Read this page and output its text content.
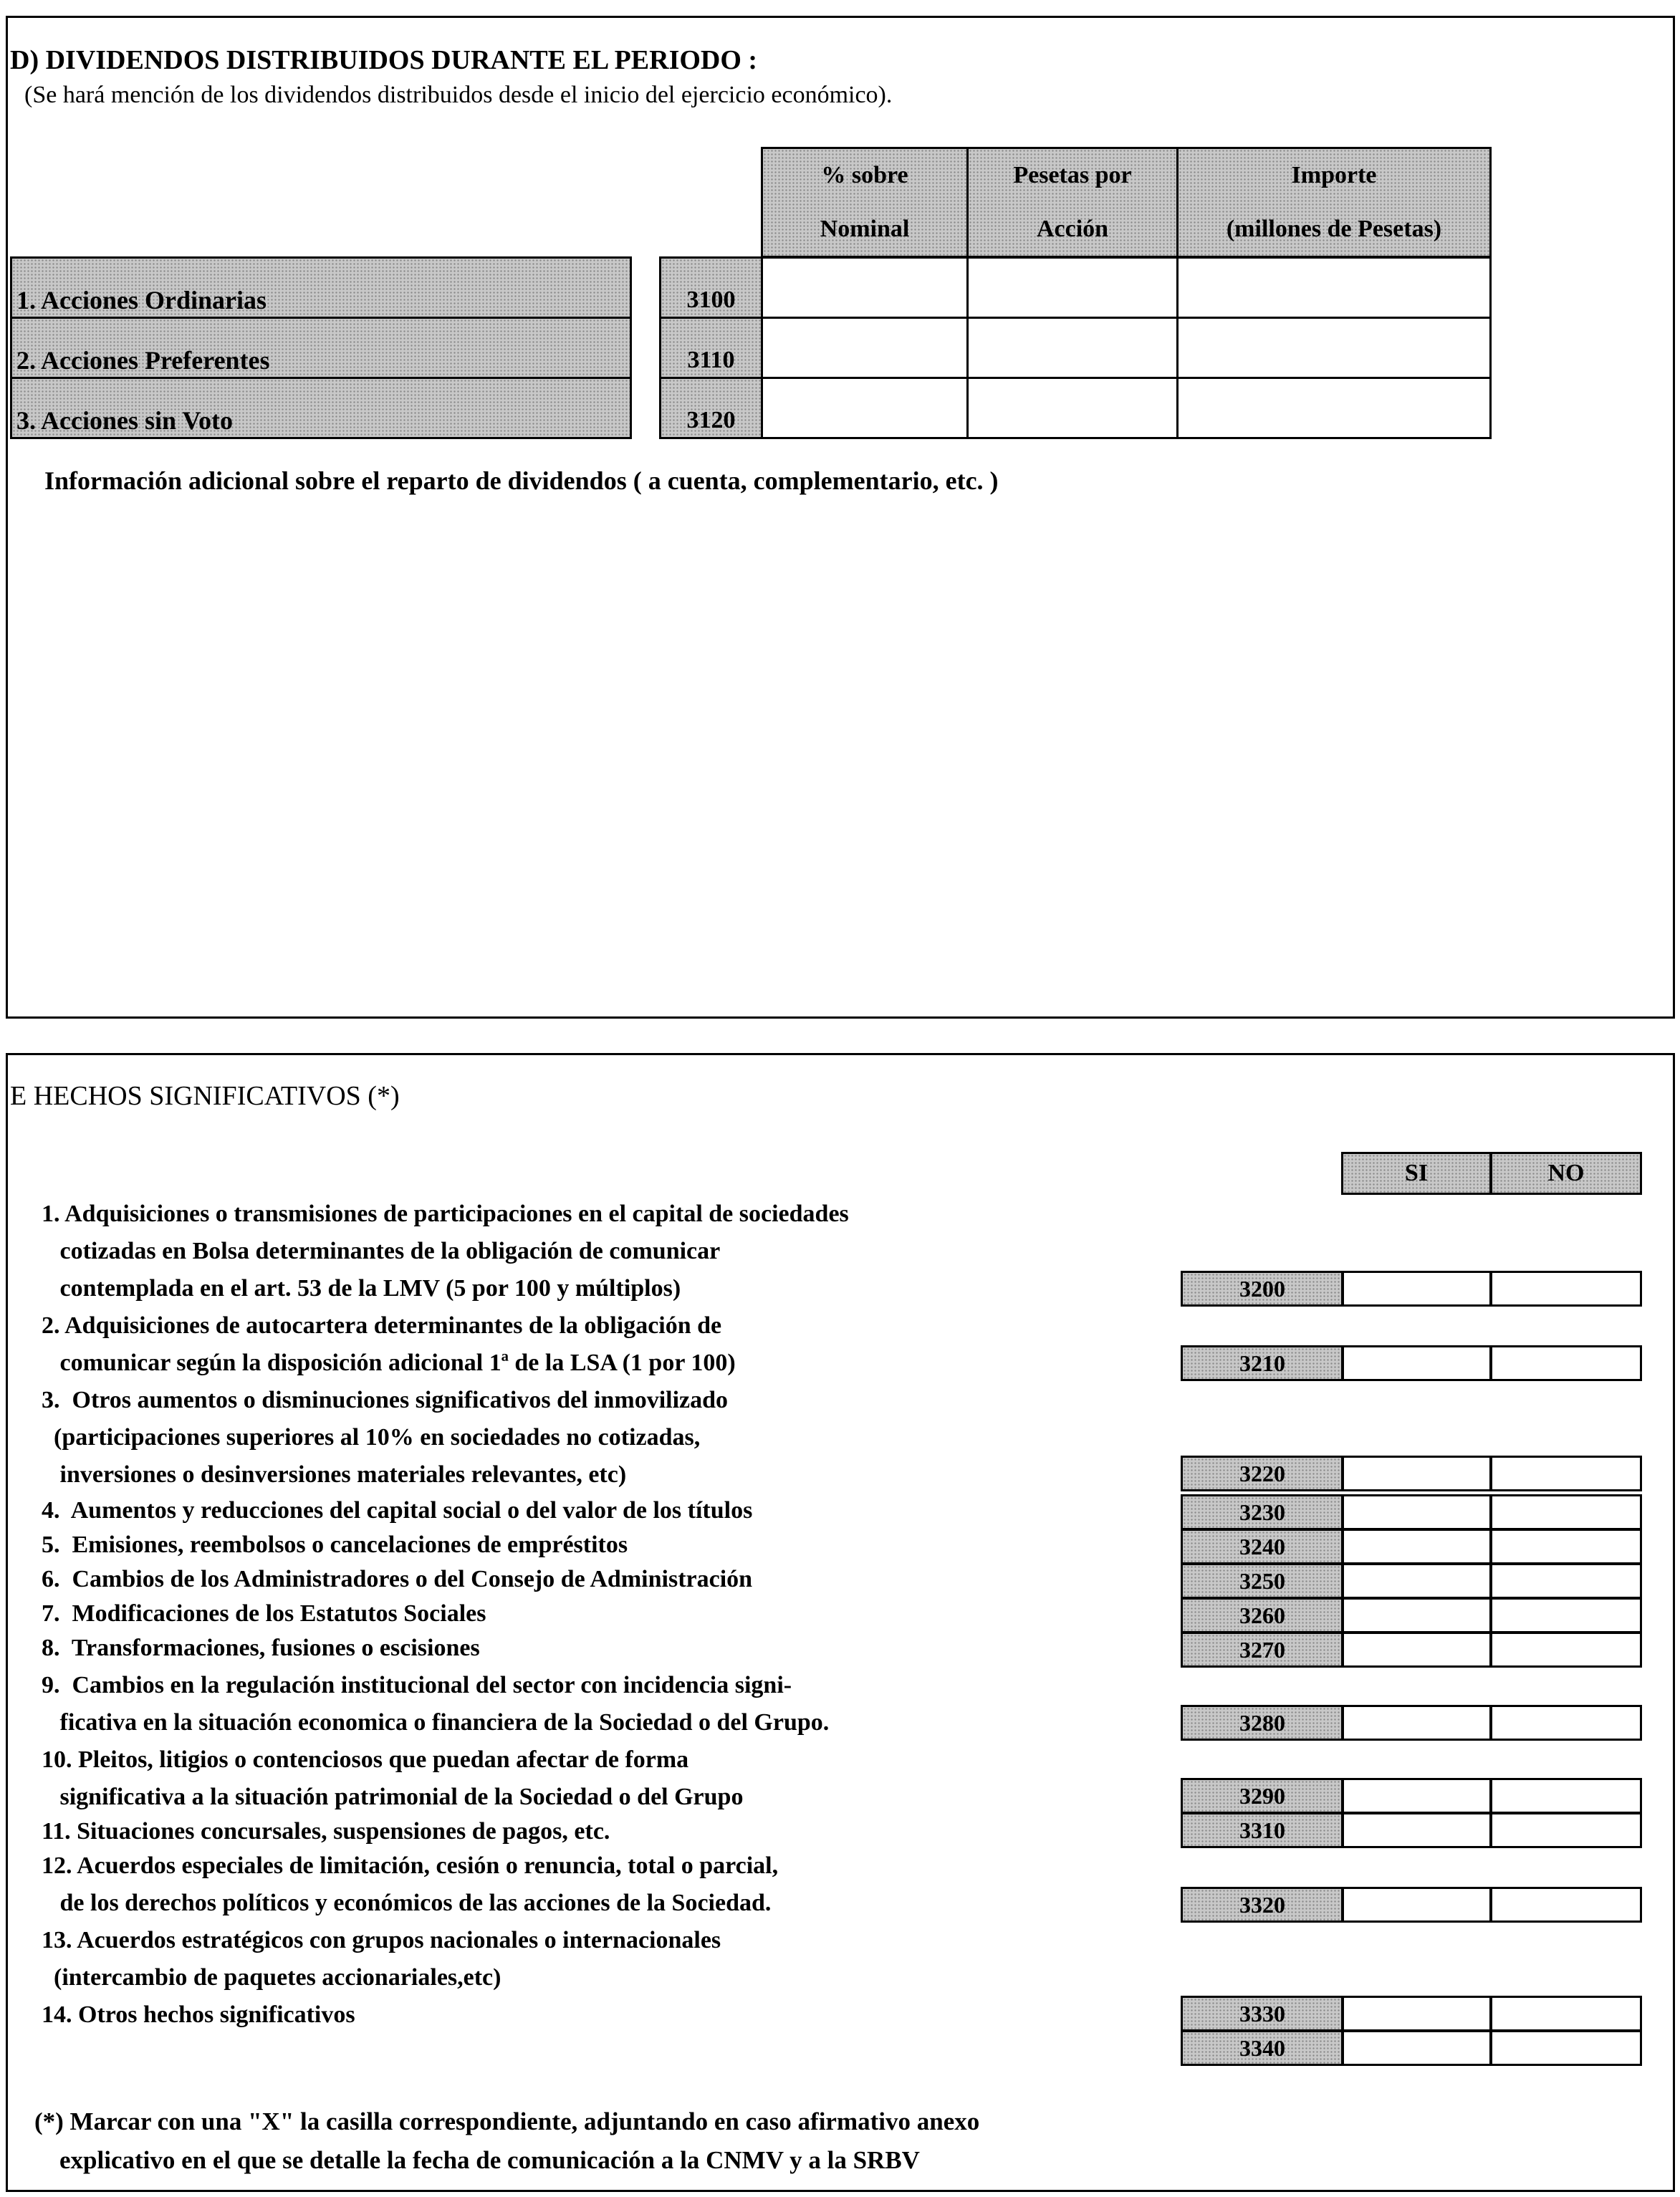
D) DIVIDENDOS DISTRIBUIDOS DURANTE EL PERIODO :
(Se hará mención de los dividendos distribuidos desde el inicio del ejercicio económico).
% sobre
Nominal
Pesetas por
Acción
Importe
(millones de Pesetas)
1. Acciones Ordinarias
2. Acciones Preferentes
3. Acciones sin Voto
3100
3110
3120
Información adicional sobre el reparto de dividendos ( a cuenta, complementario, etc. )
E HECHOS SIGNIFICATIVOS (*)
SI	NO
1. Adquisiciones o transmisiones de participaciones en el capital de sociedades
cotizadas en Bolsa determinantes de la obligación de comunicar
contemplada en el art. 53 de la LMV (5 por 100 y múltiplos)
2. Adquisiciones de autocartera determinantes de la obligación de
comunicar según la disposición adicional 1ª de la LSA (1 por 100)
3.  Otros aumentos o disminuciones significativos del inmovilizado
(participaciones superiores al 10% en sociedades no cotizadas,
inversiones o desinversiones materiales relevantes, etc)
4.  Aumentos y reducciones del capital social o del valor de los títulos
5.  Emisiones, reembolsos o cancelaciones de empréstitos
6.  Cambios de los Administradores o del Consejo de Administración
7.  Modificaciones de los Estatutos Sociales
8.  Transformaciones, fusiones o escisiones
9.  Cambios en la regulación institucional del sector con incidencia signi-
ficativa en la situación economica o financiera de la Sociedad o del Grupo.
10. Pleitos, litigios o contenciosos que puedan afectar de forma
significativa a la situación patrimonial de la Sociedad o del Grupo
11. Situaciones concursales, suspensiones de pagos, etc.
12. Acuerdos especiales de limitación, cesión o renuncia, total o parcial,
de los derechos políticos y económicos de las acciones de la Sociedad.
13. Acuerdos estratégicos con grupos nacionales o internacionales
(intercambio de paquetes accionariales,etc)
14. Otros hechos significativos
3200
3210
3220
3230
3240
3250
3260
3270
3280
3290
3310
3320
3330
3340
(*) Marcar con una "X" la casilla correspondiente, adjuntando en caso afirmativo anexo
explicativo en el que se detalle la fecha de comunicación a la CNMV y a la SRBV
